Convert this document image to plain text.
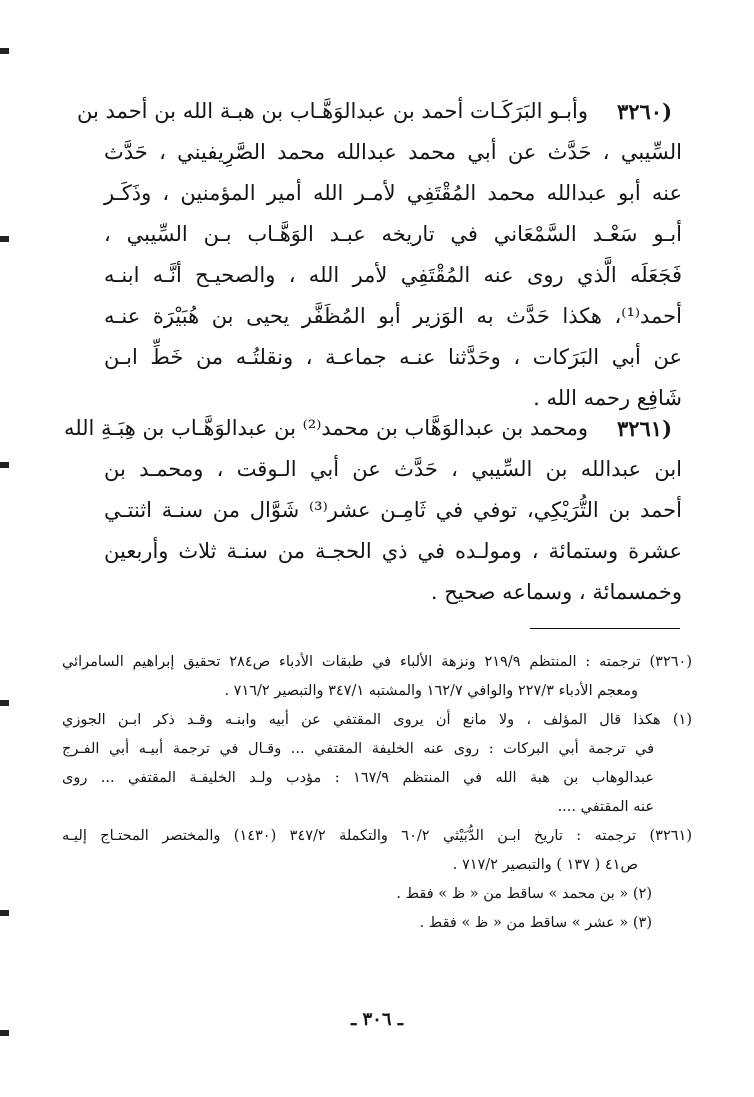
(٣٢٦٠
وأبـو البَرَكَـات أحمد بن عبدالوَهَّـاب بن هبـة الله بن أحمد بن
السِّيبي ، حَدَّث عن أبي محمد عبدالله محمد الصَّرِيفيني ، حَدَّث
عنه أبو عبدالله محمد المُقْتَفِي لأمـر الله أمير المؤمنين ، وذَكَـر
أبـو سَعْـد السَّمْعَاني في تاريخه عبـد الوَهَّـاب بـن السِّيبي ،
فَجَعَلَه الَّذي روى عنه المُقْتَفِي لأمر الله ، والصحيـح أنَّـه ابنـه
أحمد⁽¹⁾، هكذا حَدَّث به الوَزير أبو المُظَفَّر يحيى بن هُبَيْرَة عنـه
عن أبي البَرَكات ، وحَدَّثنا عنـه جماعـة ، ونقلتُـه من خَطِّ ابـن
شَافِع رحمه الله .
(٣٢٦١
ومحمد بن عبدالوَهَّاب بن محمد⁽²⁾ بن عبدالوَهَّـاب بن هِبَـةِ الله
ابن عبدالله بن السِّيبي ، حَدَّث عن أبي الـوقت ، ومحمـد بن
أحمد بن التُّرَيْكِي، توفي في ثَامِـن عشر⁽³⁾ شَوَّال من سنـة اثنتـي
عشرة وستمائة ، ومولـده في ذي الحجـة من سنـة ثلاث وأربعين
وخمسمائة ، وسماعه صحيح .
(٣٢٦٠) ترجمته : المنتظم ٢١٩/٩ ونزهة الألباء في طبقات الأدباء ص٢٨٤ تحقيق إبراهيم السامرائي
ومعجم الأدباء ٢٢٧/٣ والوافي ١٦٢/٧ والمشتبه ٣٤٧/١ والتبصير ٧١٦/٢ .
(١) هكذا قال المؤلف ، ولا مانع أن يروى المقتفي عن أبيه وابنـه وقـد ذكر ابـن الجوزي
في ترجمة أبي البركات : روى عنه الخليفة المقتفي ... وقـال في ترجمة أبيـه أبي الفـرج
عبدالوهاب بن هبة الله في المنتظم ١٦٧/٩ : مؤدب ولـد الخليفـة المقتفي ... روى
عنه المقتفي ....
(٣٢٦١) ترجمته : تاريخ ابـن الدُّبَيْثي ٦٠/٢ والتكملة ٣٤٧/٢ (١٤٣٠) والمختصر المحتـاج إليـه
ص٤١ ( ١٣٧ ) والتبصير ٧١٧/٢ .
(٢) « بن محمد » ساقط من « ظ » فقط .
(٣) « عشر » ساقط من « ظ » فقط .
ـ ٣٠٦ ـ
